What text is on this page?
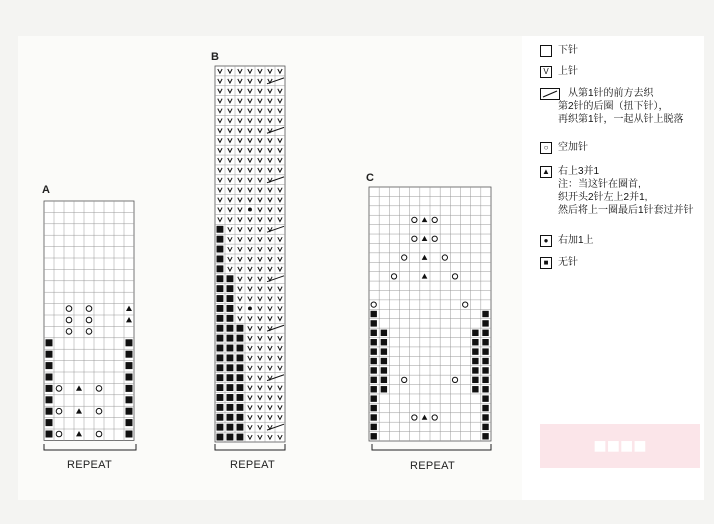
A
REPEAT
B
REPEAT
C
REPEAT
下针
V 上针
从第1针的前方去织
第2针的后圈（扭下针），
再织第1针，一起从针上脱落
○ 空加针
▲ 右上3并1
注：当这针在圈首,
织开头2针左上2并1,
然后将上一圈最后1针套过并针
● 右加1上
■ 无针
■■■■
